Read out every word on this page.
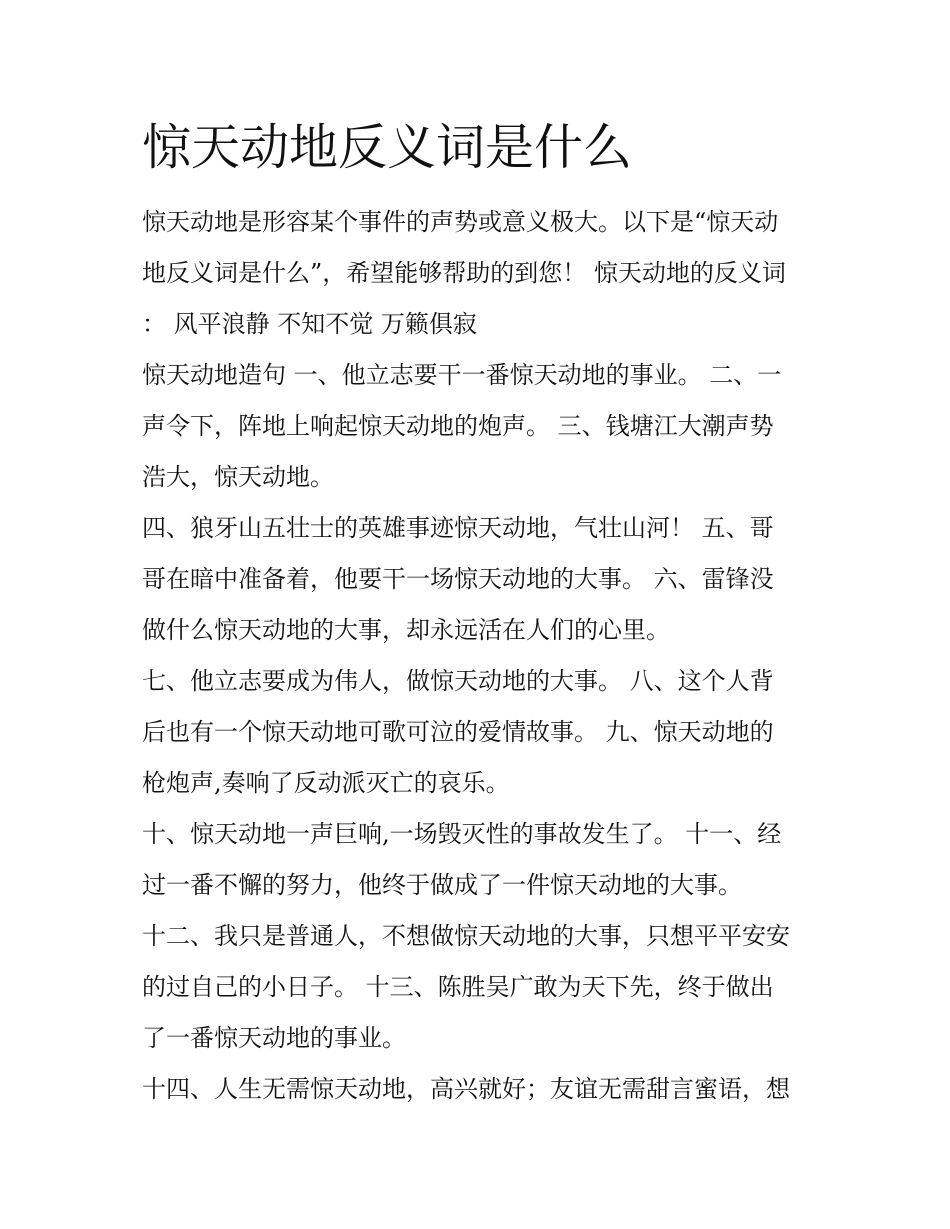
惊天动地反义词是什么
惊天动地是形容某个事件的声势或意义极大。以下是“惊天动
地反义词是什么”，希望能够帮助的到您！ 惊天动地的反义词
： 风平浪静 不知不觉 万籁俱寂
惊天动地造句 一、他立志要干一番惊天动地的事业。 二、一
声令下，阵地上响起惊天动地的炮声。 三、钱塘江大潮声势
浩大，惊天动地。
四、狼牙山五壮士的英雄事迹惊天动地，气壮山河！ 五、哥
哥在暗中准备着，他要干一场惊天动地的大事。 六、雷锋没
做什么惊天动地的大事，却永远活在人们的心里。
七、他立志要成为伟人，做惊天动地的大事。 八、这个人背
后也有一个惊天动地可歌可泣的爱情故事。 九、惊天动地的
枪炮声,奏响了反动派灭亡的哀乐。
十、惊天动地一声巨响,一场毁灭性的事故发生了。 十一、经
过一番不懈的努力，他终于做成了一件惊天动地的大事。
十二、我只是普通人，不想做惊天动地的大事，只想平平安安
的过自己的小日子。 十三、陈胜吴广敢为天下先，终于做出
了一番惊天动地的事业。
十四、人生无需惊天动地，高兴就好；友谊无需甜言蜜语，想
